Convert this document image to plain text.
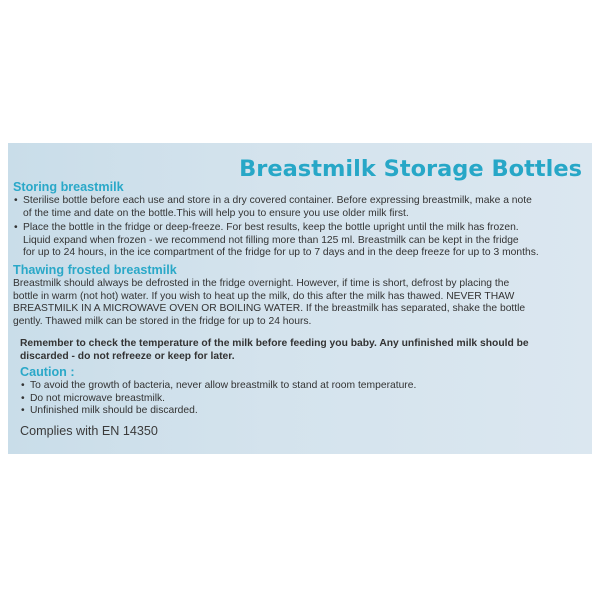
Breastmilk Storage Bottles
Storing breastmilk
• Sterilise bottle before each use and store in a dry covered container. Before expressing breastmilk, make a note
of the time and date on the bottle.This will help you to ensure you use older milk first.
• Place the bottle in the fridge or deep-freeze. For best results, keep the bottle upright until the milk has frozen.
Liquid expand when frozen - we recommend not filling more than 125 ml. Breastmilk can be kept in the fridge
for up to 24 hours, in the ice compartment of the fridge for up to 7 days and in the deep freeze for up to 3 months.
Thawing frosted breastmilk

Breastmilk should always be defrosted in the fridge overnight. However, if time is short, defrost by placing the
bottle in warm (not hot) water. If you wish to heat up the milk, do this after the milk has thawed. NEVER THAW
BREASTMILK IN A MICROWAVE OVEN OR BOILING WATER. If the breastmilk has separated, shake the bottle
gently. Thawed milk can be stored in the fridge for up to 24 hours.

Remember to check the temperature of the milk before feeding you baby. Any unfinished milk should be
discarded - do not refreeze or keep for later.

Caution :
• To avoid the growth of bacteria, never allow breastmilk to stand at room temperature.
• Do not microwave breastmilk.
• Unfinished milk should be discarded.

Complies with EN 14350
